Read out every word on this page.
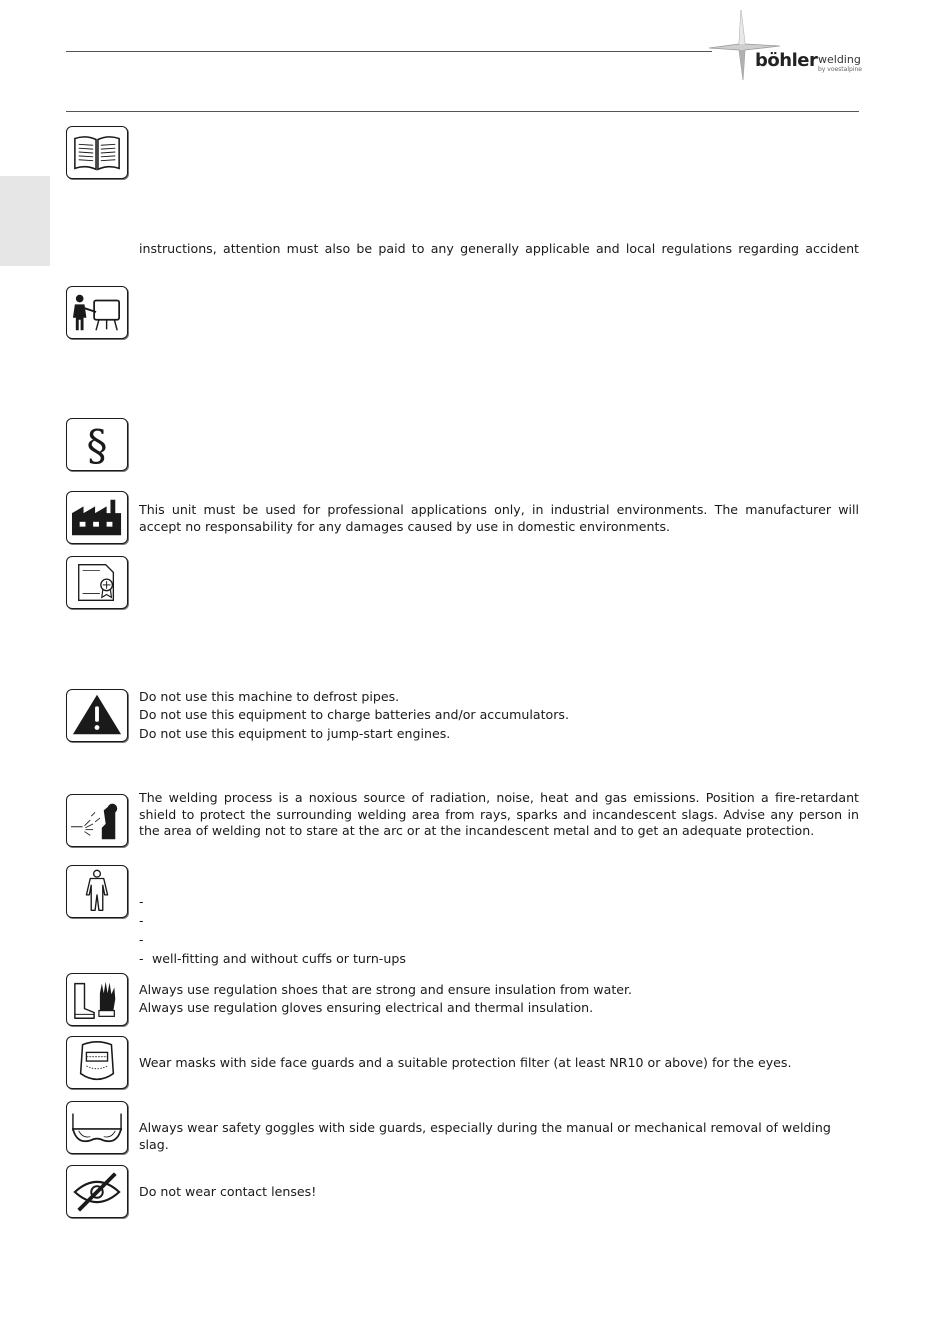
böhler welding
by voestalpine
instructions, attention must also be paid to any generally applicable and local regulations regarding accident
§
This unit must be used for professional applications only, in industrial environments. The manufacturer will accept no responsability for any damages caused by use in domestic environments.
Do not use this machine to defrost pipes.
Do not use this equipment to charge batteries and/or accumulators.
Do not use this equipment to jump-start engines.
The welding process is a noxious source of radiation, noise, heat and gas emissions. Position a fire-retardant shield to protect the surrounding welding area from rays, sparks and incandescent slags. Advise any person in the area of welding not to stare at the arc or at the incandescent metal and to get an adequate protection.
-
-
-
- well-fitting and without cuffs or turn-ups
Always use regulation shoes that are strong and ensure insulation from water.
Always use regulation gloves ensuring electrical and thermal insulation.
Wear masks with side face guards and a suitable protection filter (at least NR10 or above) for the eyes.
Always wear safety goggles with side guards, especially during the manual or mechanical removal of welding slag.
Do not wear contact lenses!
